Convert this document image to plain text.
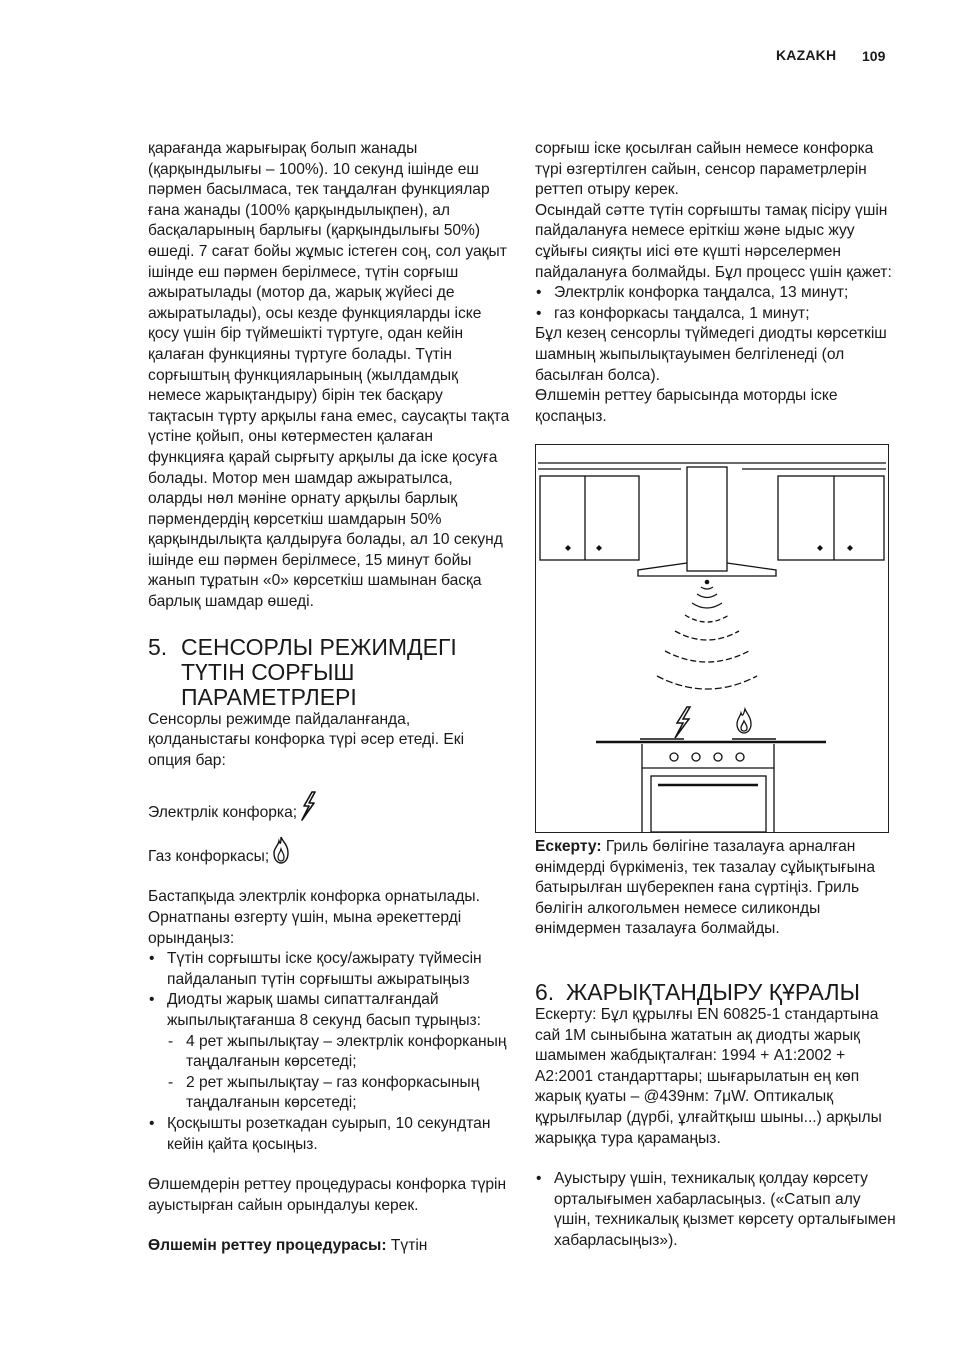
KAZAKH 109

қарағанда жарығырақ болып жанады (қарқындылығы – 100%). 10 секунд ішінде еш пәрмен басылмаса, тек таңдалған функциялар ғана жанады (100% қарқындылықпен), ал басқаларының барлығы (қарқындылығы 50%) өшеді. 7 сағат бойы жұмыс істеген соң, сол уақыт ішінде еш пәрмен берілмесе, түтін сорғыш ажыратылады (мотор да, жарық жүйесі де ажыратылады), осы кезде функцияларды іске қосу үшін бір түймешікті түртуге, одан кейін қалаған функцияны түртуге болады. Түтін сорғыштың функцияларының (жылдамдық немесе жарықтандыру) бірін тек басқару тақтасын түрту арқылы ғана емес, саусақты тақта үстіне қойып, оны көтерместен қалаған функцияға қарай сырғыту арқылы да іске қосуға болады. Мотор мен шамдар ажыратылса, оларды нөл мәніне орнату арқылы барлық пәрмендердің көрсеткіш шамдарын 50% қарқындылықта қалдыруға болады, ал 10 секунд ішінде еш пәрмен берілмесе, 15 минут бойы жанып тұратын «0» көрсеткіш шамынан басқа барлық шамдар өшеді.

5. СЕНСОРЛЫ РЕЖИМДЕГІ ТҮТІН СОРҒЫШ ПАРАМЕТРЛЕРІ

Сенсорлы режимде пайдаланғанда, қолданыстағы конфорка түрі әсер етеді. Екі опция бар:

Электрлік конфорка;
Газ конфоркасы;

Бастапқыда электрлік конфорка орнатылады. Орнатпаны өзгерту үшін, мына әрекеттерді орындаңыз:

• Түтін сорғышты іске қосу/ажырату түймесін пайдаланып түтін сорғышты ажыратыңыз
• Диодты жарық шамы сипатталғандай жыпылықтағанша 8 секунд басып тұрыңыз:
- 4 рет жыпылықтау – электрлік конфорканың таңдалғанын көрсетеді;
- 2 рет жыпылықтау – газ конфоркасының таңдалғанын көрсетеді;
• Қосқышты розеткадан суырып, 10 секундтан кейін қайта қосыңыз.

Өлшемдерін реттеу процедурасы конфорка түрін ауыстырған сайын орындалуы керек.

Өлшемін реттеу процедурасы: Түтін

сорғыш іске қосылған сайын немесе конфорка түрі өзгертілген сайын, сенсор параметрлерін реттеп отыру керек.

Осындай сәтте түтін сорғышты тамақ пісіру үшін пайдалануға немесе еріткіш және ыдыс жуу сұйығы сияқты иісі өте күшті нәрселермен пайдалануға болмайды. Бұл процесс үшін қажет:

• Электрлік конфорка таңдалса, 13 минут;
• газ конфоркасы таңдалса, 1 минут;

Бұл кезең сенсорлы түймедегі диодты көрсеткіш шамның жыпылықтауымен белгіленеді (ол басылған болса).

Өлшемін реттеу барысында моторды іске қоспаңыз.

Ескерту: Гриль бөлігіне тазалауға арналған өнімдерді бүркіменіз, тек тазалау сұйықтығына батырылған шүберекпен ғана сүртіңіз. Гриль бөлігін алкогольмен немесе силиконды өнімдермен тазалауға болмайды.

6. ЖАРЫҚТАНДЫРУ ҚҰРАЛЫ

Ескерту: Бұл құрылғы EN 60825-1 стандартына сай 1М сыныбына жататын ақ диодты жарық шамымен жабдықталған: 1994 + A1:2002 + A2:2001 стандарттары; шығарылатын ең көп жарық қуаты – @439нм: 7μW. Оптикалық құрылғылар (дүрбі, ұлғайтқыш шыны...) арқылы жарыққа тура қарамаңыз.

• Ауыстыру үшін, техникалық қолдау көрсету орталығымен хабарласыңыз. («Сатып алу үшін, техникалық қызмет көрсету орталығымен хабарласыңыз»).
